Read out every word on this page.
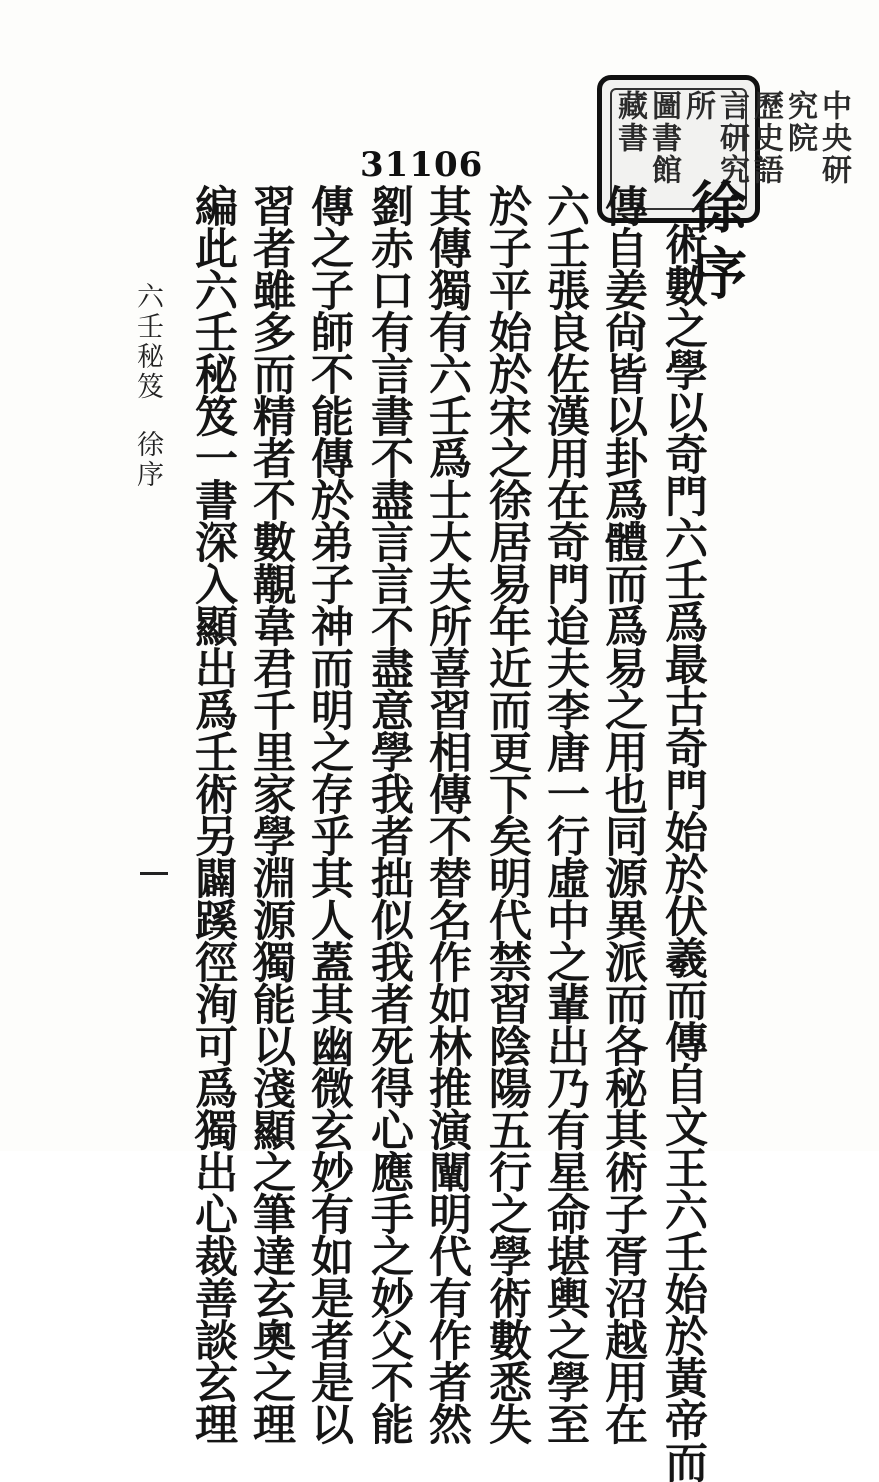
中央研究院
歷史語言研究所
圖書館藏書
31106
徐序
術數之學以奇門六壬爲最古奇門始於伏羲而傳自文王六壬始於黃帝而
傳自姜尙皆以卦爲體而爲易之用也同源異派而各秘其術子胥沼越用在
六壬張良佐漢用在奇門迨夫李唐一行虛中之輩出乃有星命堪輿之學至
於子平始於宋之徐居易年近而更下矣明代禁習陰陽五行之學術數悉失
其傳獨有六壬爲士大夫所喜習相傳不替名作如林推演闡明代有作者然
劉赤口有言書不盡言言不盡意學我者拙似我者死得心應手之妙父不能
傳之子師不能傳於弟子神而明之存乎其人蓋其幽微玄妙有如是者是以
習者雖多而精者不數覯韋君千里家學淵源獨能以淺顯之筆達玄奧之理
編此六壬秘笈一書深入顯出爲壬術另闢蹊徑洵可爲獨出心裁善談玄理
六壬秘笈徐序
